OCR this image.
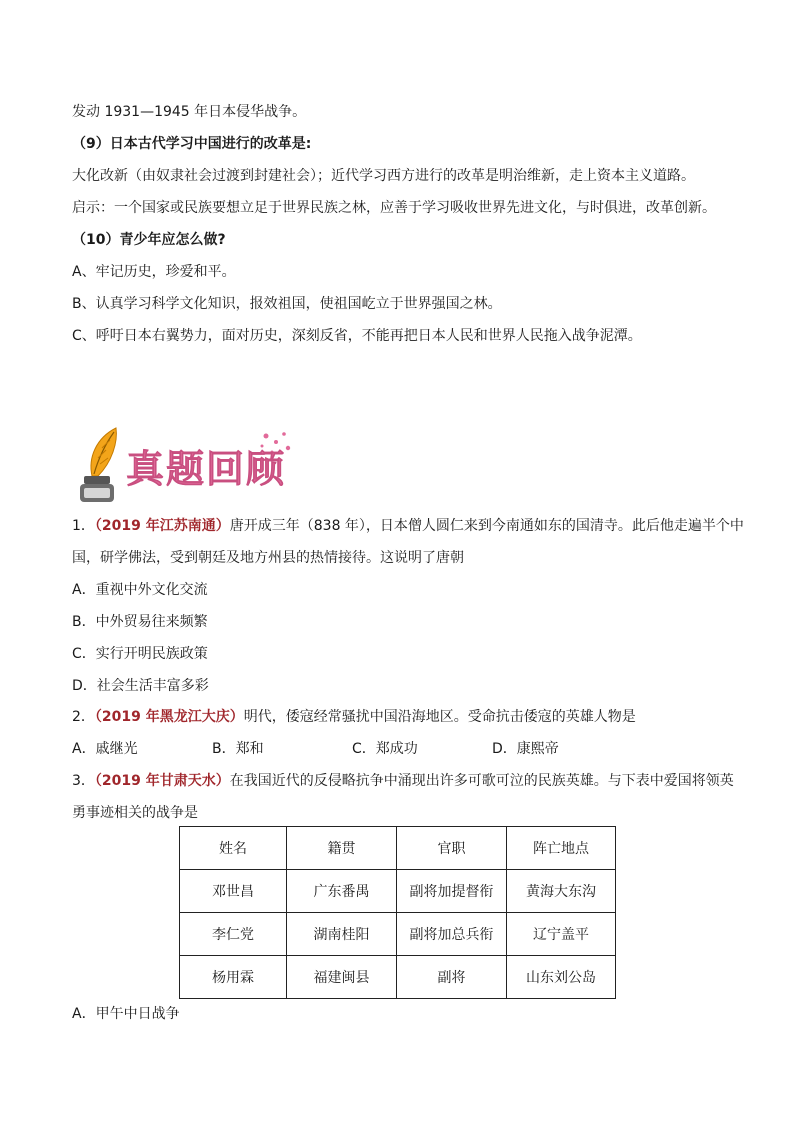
发动 1931—1945 年日本侵华战争。
（9）日本古代学习中国进行的改革是:
大化改新（由奴隶社会过渡到封建社会）；近代学习西方进行的改革是明治维新，走上资本主义道路。
启示：一个国家或民族要想立足于世界民族之林，应善于学习吸收世界先进文化，与时俱进，改革创新。
（10）青少年应怎么做?
A、牢记历史，珍爱和平。
B、认真学习科学文化知识，报效祖国，使祖国屹立于世界强国之林。
C、呼吁日本右翼势力，面对历史，深刻反省，不能再把日本人民和世界人民拖入战争泥潭。
真题回顾
1．（2019 年江苏南通）唐开成三年（838 年），日本僧人圆仁来到今南通如东的国清寺。此后他走遍半个中
国，研学佛法，受到朝廷及地方州县的热情接待。这说明了唐朝
A．重视中外文化交流
B．中外贸易往来频繁
C．实行开明民族政策
D．社会生活丰富多彩
2．（2019 年黑龙江大庆）明代，倭寇经常骚扰中国沿海地区。受命抗击倭寇的英雄人物是
A．戚继光	B．郑和	C．郑成功	D．康熙帝
3．（2019 年甘肃天水）在我国近代的反侵略抗争中涌现出许多可歌可泣的民族英雄。与下表中爱国将领英
勇事迹相关的战争是
姓名	籍贯	官职	阵亡地点
邓世昌	广东番禺	副将加提督衔	黄海大东沟
李仁党	湖南桂阳	副将加总兵衔	辽宁盖平
杨用霖	福建闽县	副将	山东刘公岛
A．甲午中日战争
